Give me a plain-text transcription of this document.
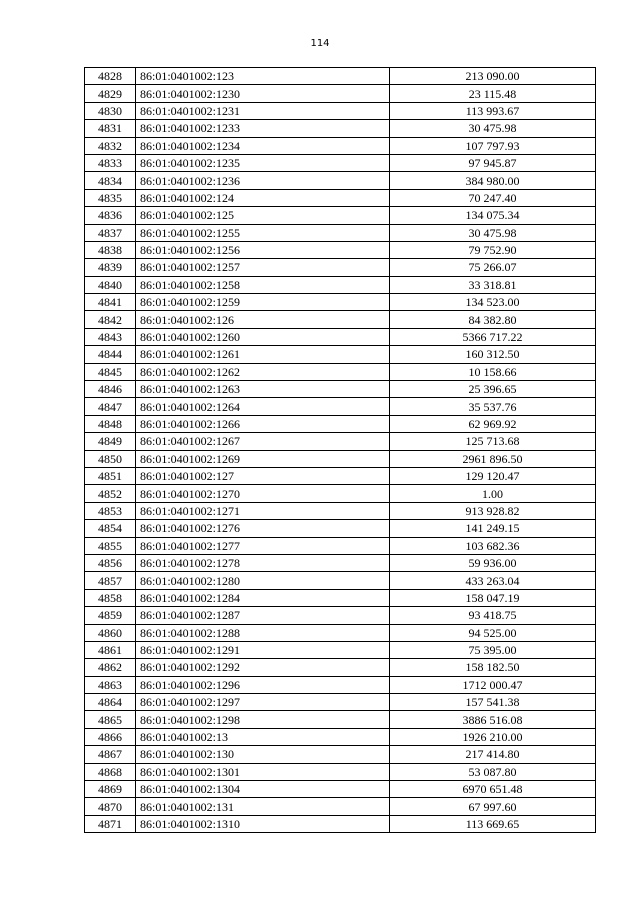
114
4828	86:01:0401002:123	213 090.00
4829	86:01:0401002:1230	23 115.48
4830	86:01:0401002:1231	113 993.67
4831	86:01:0401002:1233	30 475.98
4832	86:01:0401002:1234	107 797.93
4833	86:01:0401002:1235	97 945.87
4834	86:01:0401002:1236	384 980.00
4835	86:01:0401002:124	70 247.40
4836	86:01:0401002:125	134 075.34
4837	86:01:0401002:1255	30 475.98
4838	86:01:0401002:1256	79 752.90
4839	86:01:0401002:1257	75 266.07
4840	86:01:0401002:1258	33 318.81
4841	86:01:0401002:1259	134 523.00
4842	86:01:0401002:126	84 382.80
4843	86:01:0401002:1260	5366 717.22
4844	86:01:0401002:1261	160 312.50
4845	86:01:0401002:1262	10 158.66
4846	86:01:0401002:1263	25 396.65
4847	86:01:0401002:1264	35 537.76
4848	86:01:0401002:1266	62 969.92
4849	86:01:0401002:1267	125 713.68
4850	86:01:0401002:1269	2961 896.50
4851	86:01:0401002:127	129 120.47
4852	86:01:0401002:1270	1.00
4853	86:01:0401002:1271	913 928.82
4854	86:01:0401002:1276	141 249.15
4855	86:01:0401002:1277	103 682.36
4856	86:01:0401002:1278	59 936.00
4857	86:01:0401002:1280	433 263.04
4858	86:01:0401002:1284	158 047.19
4859	86:01:0401002:1287	93 418.75
4860	86:01:0401002:1288	94 525.00
4861	86:01:0401002:1291	75 395.00
4862	86:01:0401002:1292	158 182.50
4863	86:01:0401002:1296	1712 000.47
4864	86:01:0401002:1297	157 541.38
4865	86:01:0401002:1298	3886 516.08
4866	86:01:0401002:13	1926 210.00
4867	86:01:0401002:130	217 414.80
4868	86:01:0401002:1301	53 087.80
4869	86:01:0401002:1304	6970 651.48
4870	86:01:0401002:131	67 997.60
4871	86:01:0401002:1310	113 669.65
